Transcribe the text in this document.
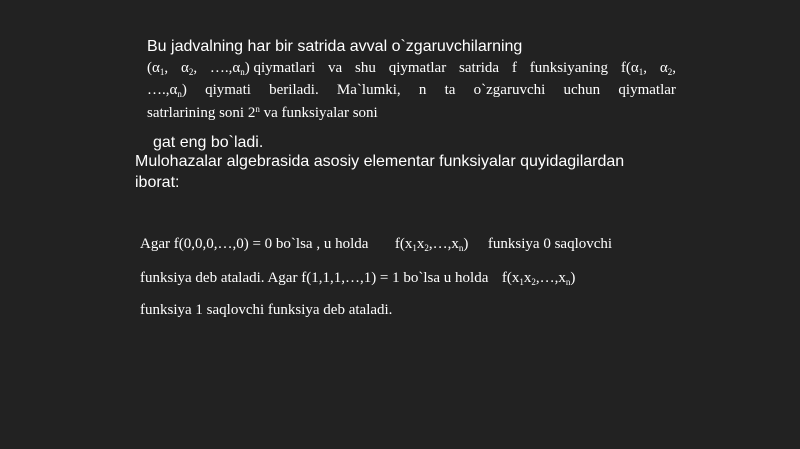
Bu jadvalning har bir satrida avval o`zgaruvchilarning
($\alpha_1$, $\alpha_2$, $\dots.,\alpha_n$) qiymatlari va shu qiymatlar satrida f funksiyaning $f(\alpha_1$, $\alpha_2$,
$\dots.,\alpha_n$) qiymati beriladi. Ma`lumki, n ta o`zgaruvchi uchun qiymatlar
satrlarining soni 2$^n$ va funksiyalar soni
gat eng bo`ladi.
Mulohazalar algebrasida asosiy elementar funksiyalar quyidagilardan
iborat:
Agar f(0,0,0,…,0) = 0 bo`lsa , u holda $f(x_1x_2,\dots,x_n)$ funksiya 0 saqlovchi
funksiya deb ataladi. Agar f(1,1,1,…,1) = 1 bo`lsa u holda $f(x_1x_2,\dots,x_n)$
funksiya 1 saqlovchi funksiya deb ataladi.
